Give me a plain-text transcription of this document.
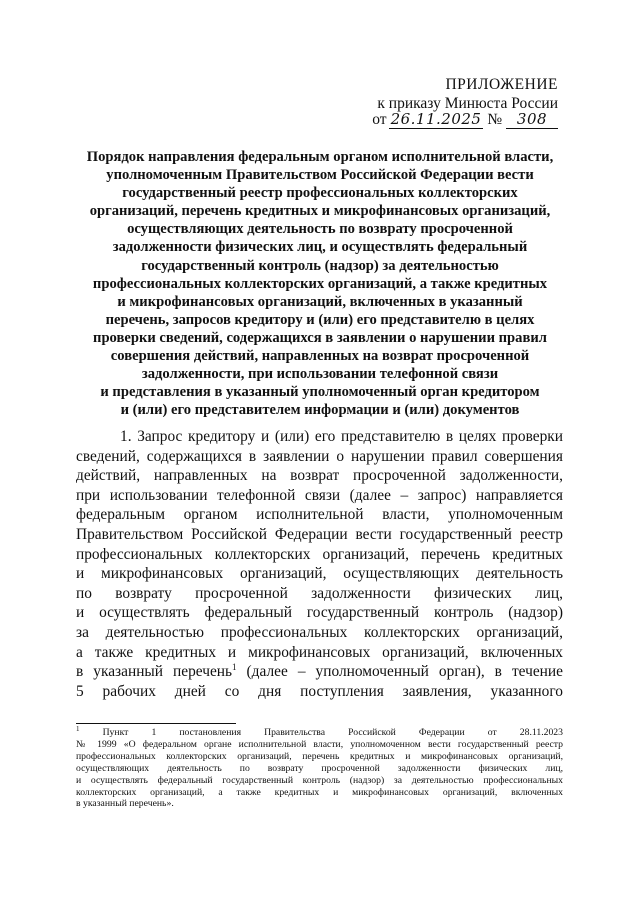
ПРИЛОЖЕНИЕ
к приказу Минюста России
от 26.11.2025 № 308
Порядок направления федеральным органом исполнительной власти,
уполномоченным Правительством Российской Федерации вести
государственный реестр профессиональных коллекторских
организаций, перечень кредитных и микрофинансовых организаций,
осуществляющих деятельность по возврату просроченной
задолженности физических лиц, и осуществлять федеральный
государственный контроль (надзор) за деятельностью
профессиональных коллекторских организаций, а также кредитных
и микрофинансовых организаций, включенных в указанный
перечень, запросов кредитору и (или) его представителю в целях
проверки сведений, содержащихся в заявлении о нарушении правил
совершения действий, направленных на возврат просроченной
задолженности, при использовании телефонной связи
и представления в указанный уполномоченный орган кредитором
и (или) его представителем информации и (или) документов
1. Запрос кредитору и (или) его представителю в целях проверки
сведений, содержащихся в заявлении о нарушении правил совершения
действий, направленных на возврат просроченной задолженности,
при использовании телефонной связи (далее – запрос) направляется
федеральным органом исполнительной власти, уполномоченным
Правительством Российской Федерации вести государственный реестр
профессиональных коллекторских организаций, перечень кредитных
и микрофинансовых организаций, осуществляющих деятельность
по возврату просроченной задолженности физических лиц,
и осуществлять федеральный государственный контроль (надзор)
за деятельностью профессиональных коллекторских организаций,
а также кредитных и микрофинансовых организаций, включенных
в указанный перечень$^1$ (далее – уполномоченный орган), в течение
5 рабочих дней со дня поступления заявления, указанного
$^1$ Пункт 1 постановления Правительства Российской Федерации от 28.11.2023
№ 1999 «О федеральном органе исполнительной власти, уполномоченном вести государственный реестр
профессиональных коллекторских организаций, перечень кредитных и микрофинансовых организаций,
осуществляющих деятельность по возврату просроченной задолженности физических лиц,
и осуществлять федеральный государственный контроль (надзор) за деятельностью профессиональных
коллекторских организаций, а также кредитных и микрофинансовых организаций, включенных
в указанный перечень».
